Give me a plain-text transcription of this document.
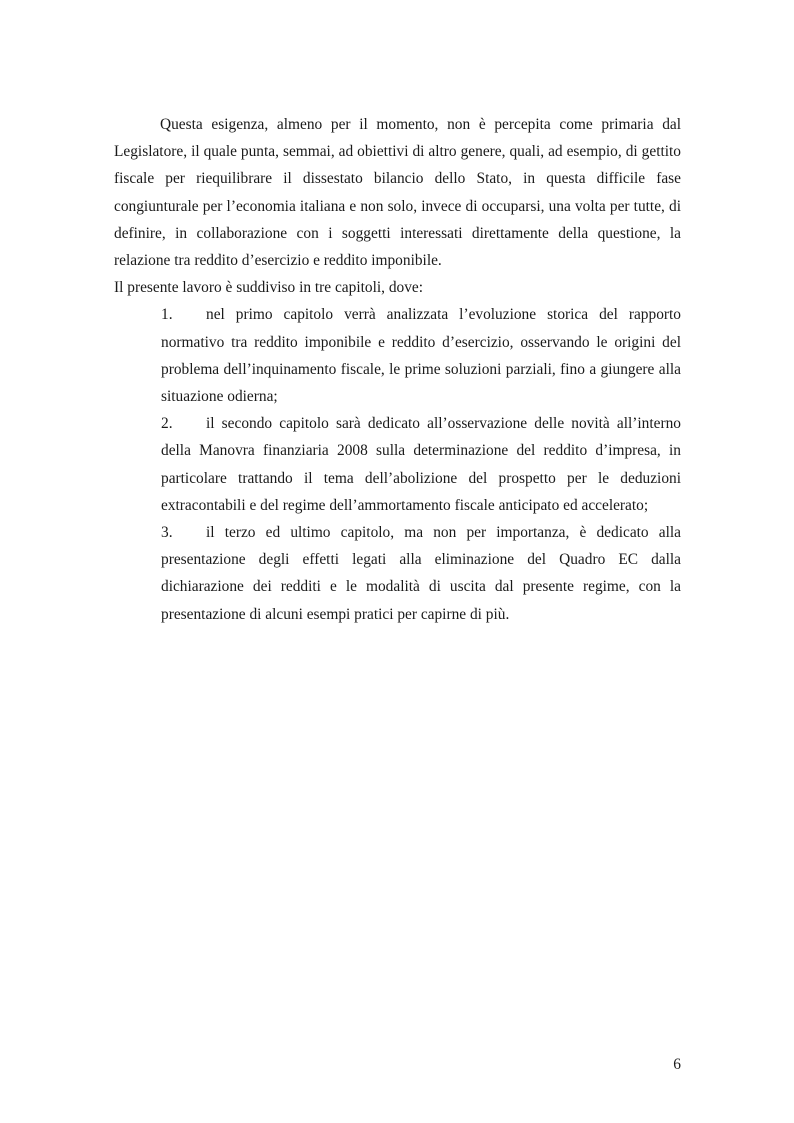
Questa esigenza, almeno per il momento, non è percepita come primaria dal Legislatore, il quale punta, semmai, ad obiettivi di altro genere, quali, ad esempio, di gettito fiscale per riequilibrare il dissestato bilancio dello Stato, in questa difficile fase congiunturale per l’economia italiana e non solo, invece di occuparsi, una volta per tutte, di definire, in collaborazione con i soggetti interessati direttamente della questione, la relazione tra reddito d’esercizio e reddito imponibile.

Il presente lavoro è suddiviso in tre capitoli, dove:

1. nel primo capitolo verrà analizzata l’evoluzione storica del rapporto normativo tra reddito imponibile e reddito d’esercizio, osservando le origini del problema dell’inquinamento fiscale, le prime soluzioni parziali, fino a giungere alla situazione odierna;
2. il secondo capitolo sarà dedicato all’osservazione delle novità all’interno della Manovra finanziaria 2008 sulla determinazione del reddito d’impresa, in particolare trattando il tema dell’abolizione del prospetto per le deduzioni extracontabili e del regime dell’ammortamento fiscale anticipato ed accelerato;
3. il terzo ed ultimo capitolo, ma non per importanza, è dedicato alla presentazione degli effetti legati alla eliminazione del Quadro EC dalla dichiarazione dei redditi e le modalità di uscita dal presente regime, con la presentazione di alcuni esempi pratici per capirne di più.
6
